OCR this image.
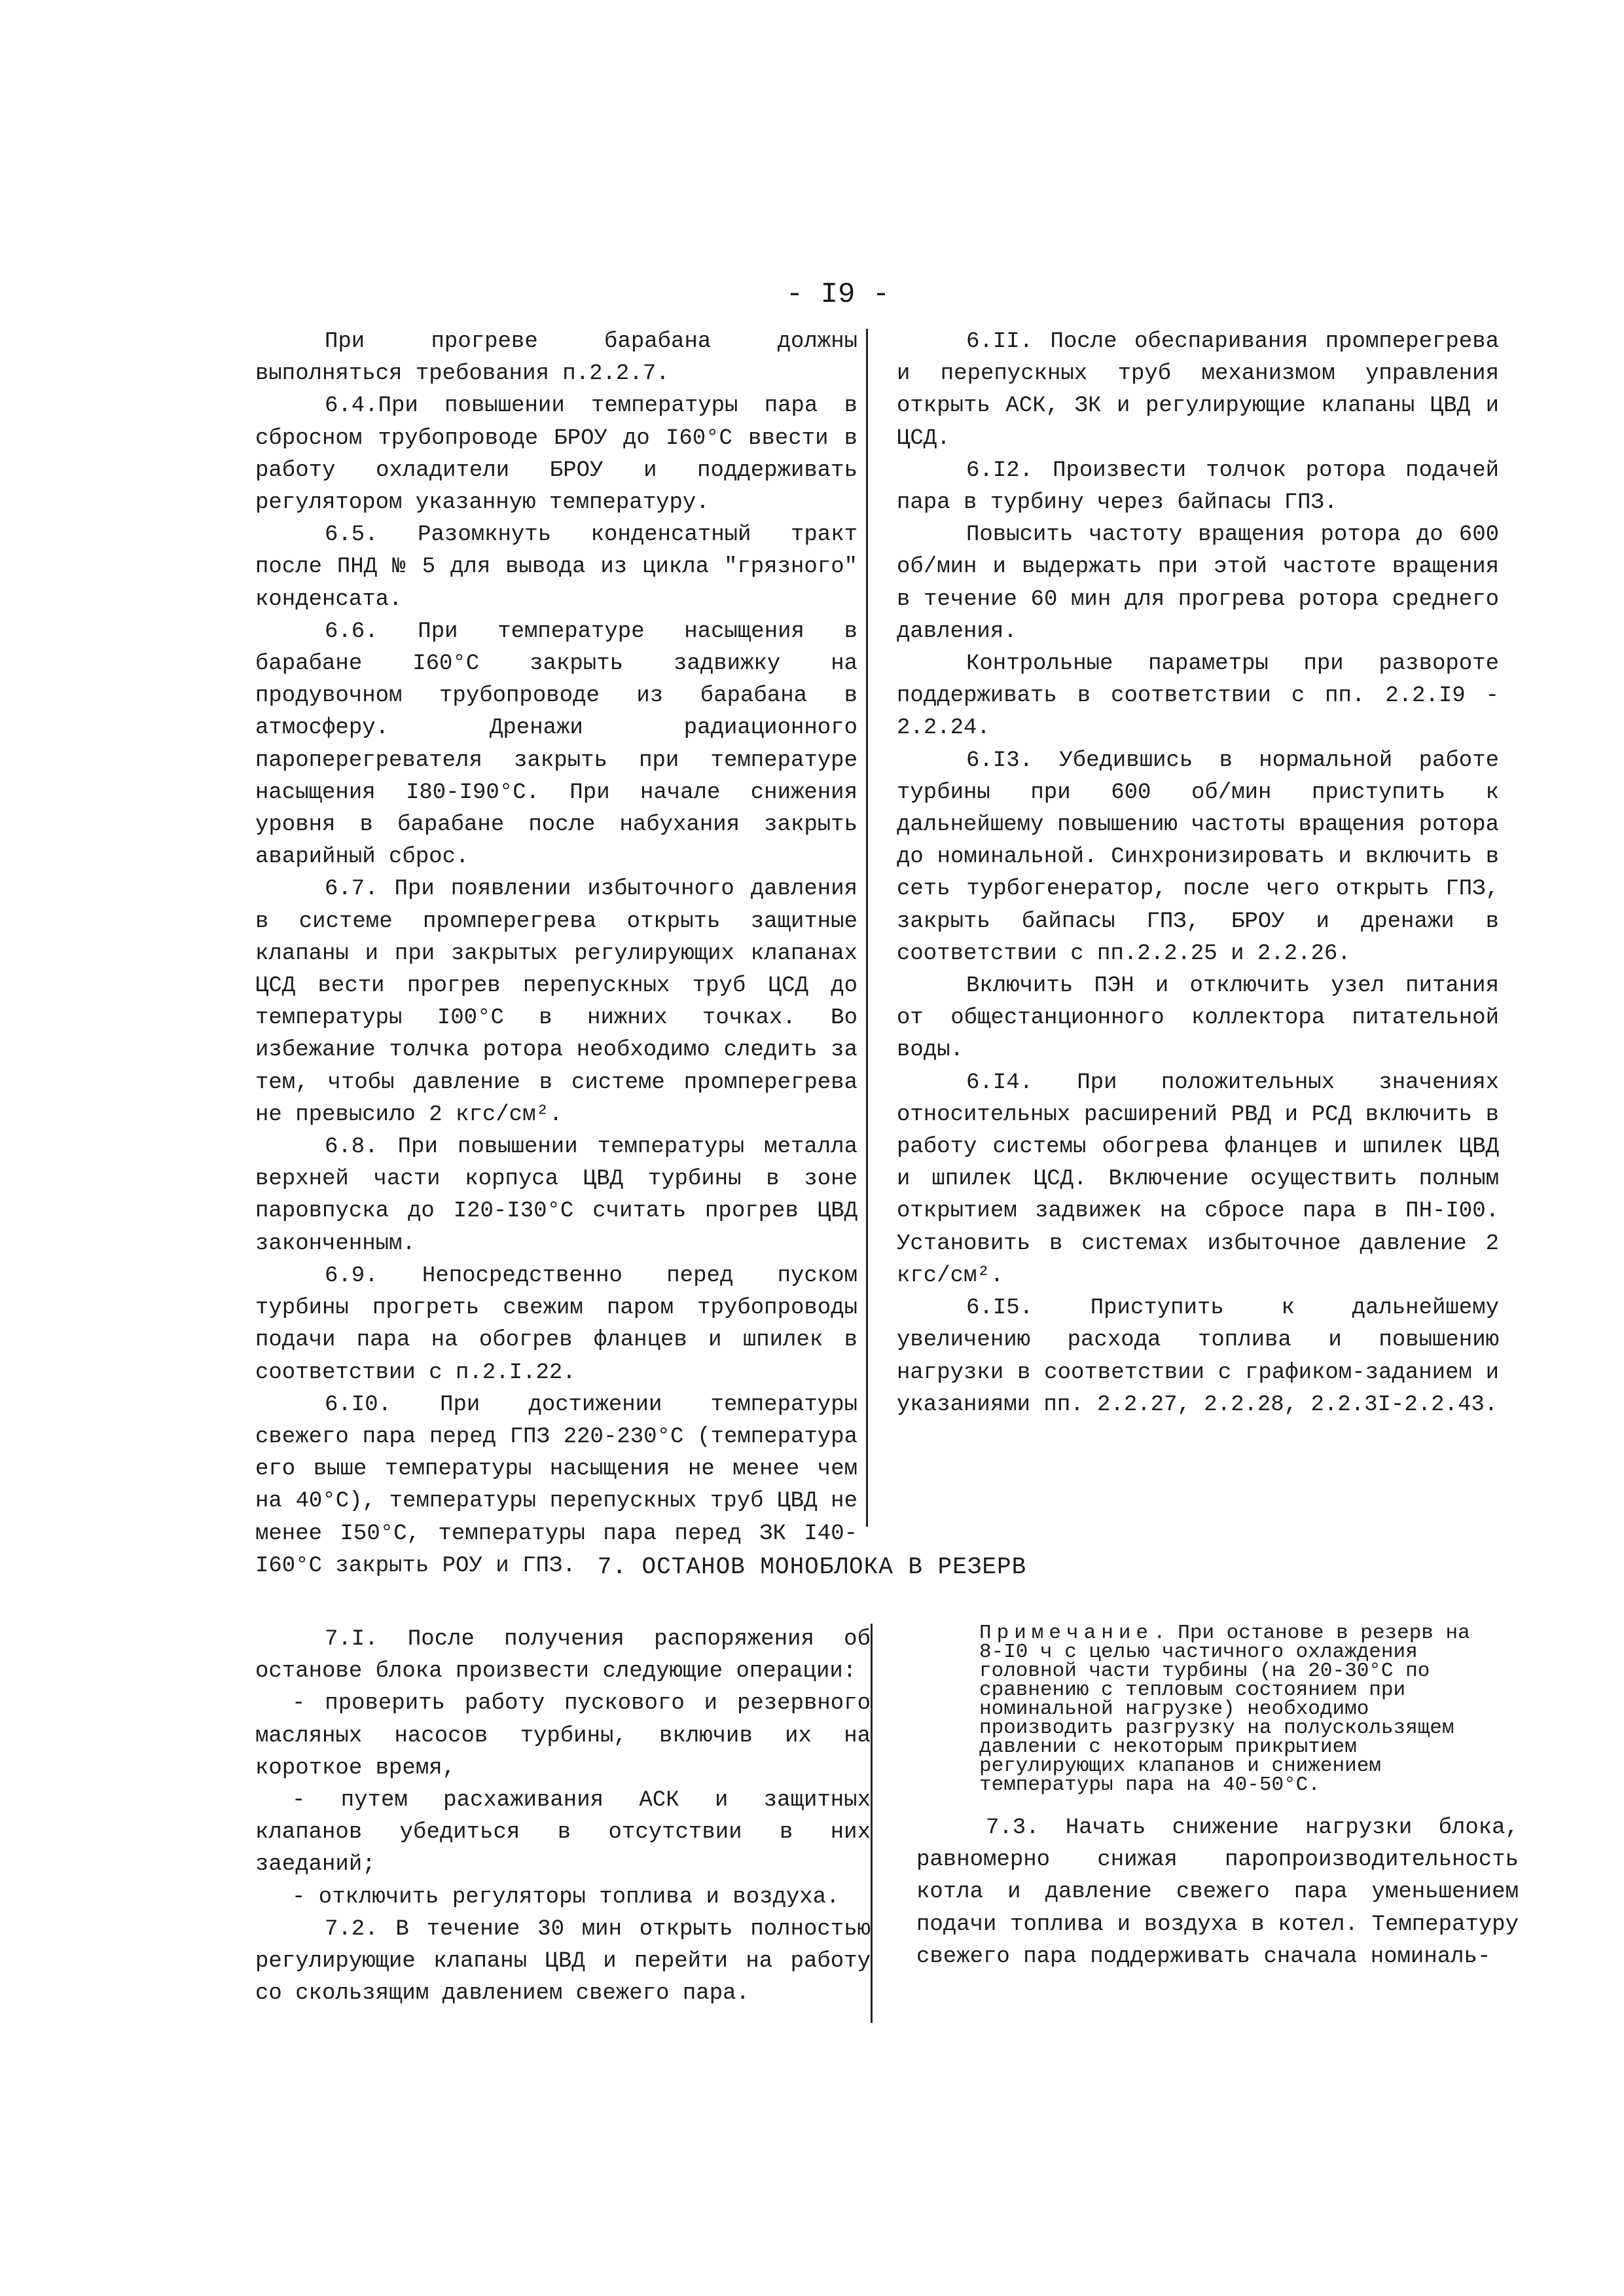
- I9 -

При прогреве барабана должны выполняться требования п.2.2.7.

6.4.При повышении температуры пара в сбросном трубопроводе БРОУ до I60°С ввести в работу охладители БРОУ и поддерживать регулятором указанную температуру.

6.5. Разомкнуть конденсатный тракт после ПНД № 5 для вывода из цикла "грязного" конденсата.

6.6. При температуре насыщения в барабане I60°С закрыть задвижку на продувочном трубопроводе из барабана в атмосферу. Дренажи радиационного пароперегревателя закрыть при температуре насыщения I80-I90°С. При начале снижения уровня в барабане после набухания закрыть аварийный сброс.

6.7. При появлении избыточного давления в системе промперегрева открыть защитные клапаны и при закрытых регулирующих клапанах ЦСД вести прогрев перепускных труб ЦСД до температуры I00°С в нижних точках. Во избежание толчка ротора необходимо следить за тем, чтобы давление в системе промперегрева не превысило 2 кгс/см².

6.8. При повышении температуры металла верхней части корпуса ЦВД турбины в зоне паровпуска до I20-I30°С считать прогрев ЦВД законченным.

6.9. Непосредственно перед пуском турбины прогреть свежим паром трубопроводы подачи пара на обогрев фланцев и шпилек в соответствии с п.2.I.22.

6.I0. При достижении температуры свежего пара перед ГПЗ 220-230°С (температура его выше температуры насыщения не менее чем на 40°С), температуры перепускных труб ЦВД не менее I50°С, температуры пара перед ЗК I40-I60°С закрыть РОУ и ГПЗ.

6.II. После обеспаривания промперегрева и перепускных труб механизмом управления открыть АСК, ЗК и регулирующие клапаны ЦВД и ЦСД.

6.I2. Произвести толчок ротора подачей пара в турбину через байпасы ГПЗ.

Повысить частоту вращения ротора до 600 об/мин и выдержать при этой частоте вращения в течение 60 мин для прогрева ротора среднего давления.

Контрольные параметры при развороте поддерживать в соответствии с пп. 2.2.I9 - 2.2.24.

6.I3. Убедившись в нормальной работе турбины при 600 об/мин приступить к дальнейшему повышению частоты вращения ротора до номинальной. Синхронизировать и включить в сеть турбогенератор, после чего открыть ГПЗ, закрыть байпасы ГПЗ, БРОУ и дренажи в соответствии с пп.2.2.25 и 2.2.26.

Включить ПЭН и отключить узел питания от общестанционного коллектора питательной воды.

6.I4. При положительных значениях относительных расширений РВД и РСД включить в работу системы обогрева фланцев и шпилек ЦВД и шпилек ЦСД. Включение осуществить полным открытием задвижек на сбросе пара в ПН-I00. Установить в системах избыточное давление 2 кгс/см².

6.I5. Приступить к дальнейшему увеличению расхода топлива и повышению нагрузки в соответствии с графиком-заданием и указаниями пп. 2.2.27, 2.2.28, 2.2.3I-2.2.43.

7. ОСТАНОВ МОНОБЛОКА В РЕЗЕРВ

7.I. После получения распоряжения об останове блока произвести следующие операции:

- проверить работу пускового и резервного масляных насосов турбины, включив их на короткое время,

- путем расхаживания АСК и защитных клапанов убедиться в отсутствии в них заеданий;

- отключить регуляторы топлива и воздуха.

7.2. В течение 30 мин открыть полностью регулирующие клапаны ЦВД и перейти на работу со скользящим давлением свежего пара.

Примечание. При останове в резерв на 8-I0 ч с целью частичного охлаждения головной части турбины (на 20-30°С по сравнению с тепловым состоянием при номинальной нагрузке) необходимо производить разгрузку на полускользящем давлении с некоторым прикрытием регулирующих клапанов и снижением температуры пара на 40-50°С.

7.3. Начать снижение нагрузки блока, равномерно снижая паропроизводительность котла и давление свежего пара уменьшением подачи топлива и воздуха в котел. Температуру свежего пара поддерживать сначала номиналь-
